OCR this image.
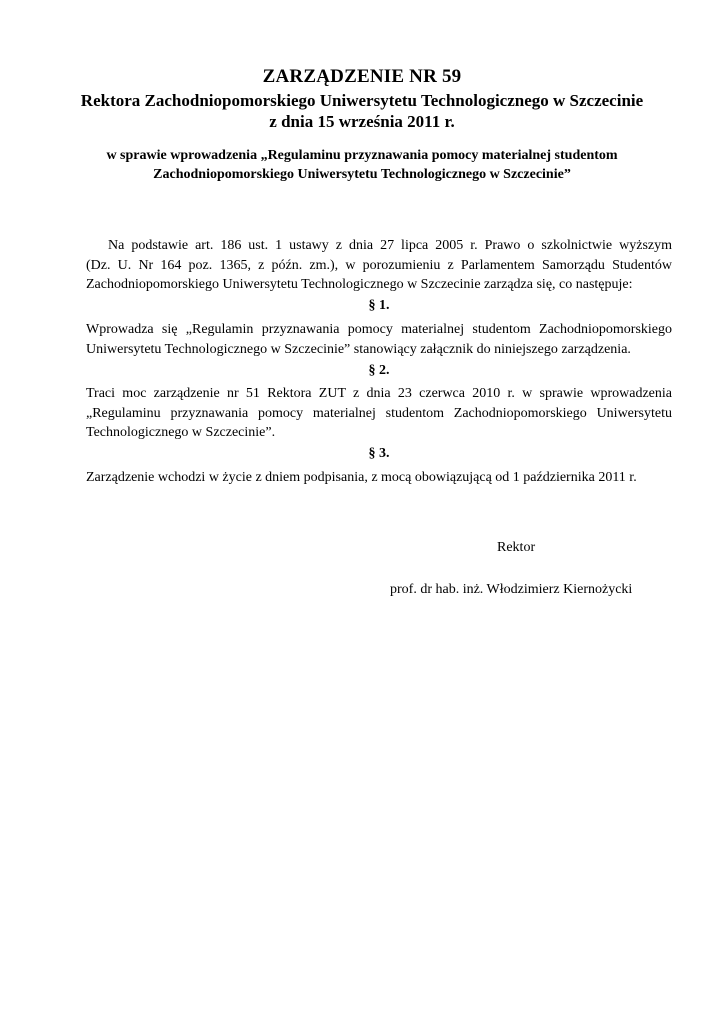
ZARZĄDZENIE NR 59
Rektora Zachodniopomorskiego Uniwersytetu Technologicznego w Szczecinie
z dnia 15 września 2011 r.
w sprawie wprowadzenia „Regulaminu przyznawania pomocy materialnej studentom
Zachodniopomorskiego Uniwersytetu Technologicznego w Szczecinie”
Na podstawie art. 186 ust. 1 ustawy z dnia 27 lipca 2005 r. Prawo o szkolnictwie wyższym
(Dz. U. Nr 164 poz. 1365, z późn. zm.), w porozumieniu z Parlamentem Samorządu Studentów
Zachodniopomorskiego Uniwersytetu Technologicznego w Szczecinie zarządza się, co następuje:
§ 1.
Wprowadza się „Regulamin przyznawania pomocy materialnej studentom Zachodniopomorskiego
Uniwersytetu Technologicznego w Szczecinie” stanowiący załącznik do niniejszego zarządzenia.
§ 2.
Traci moc zarządzenie nr 51 Rektora ZUT z dnia 23 czerwca 2010 r. w sprawie wprowadzenia
„Regulaminu przyznawania pomocy materialnej studentom Zachodniopomorskiego Uniwersytetu
Technologicznego w Szczecinie”.
§ 3.
Zarządzenie wchodzi w życie z dniem podpisania, z mocą obowiązującą od 1 października 2011 r.
Rektor
prof. dr hab. inż. Włodzimierz Kiernożycki
